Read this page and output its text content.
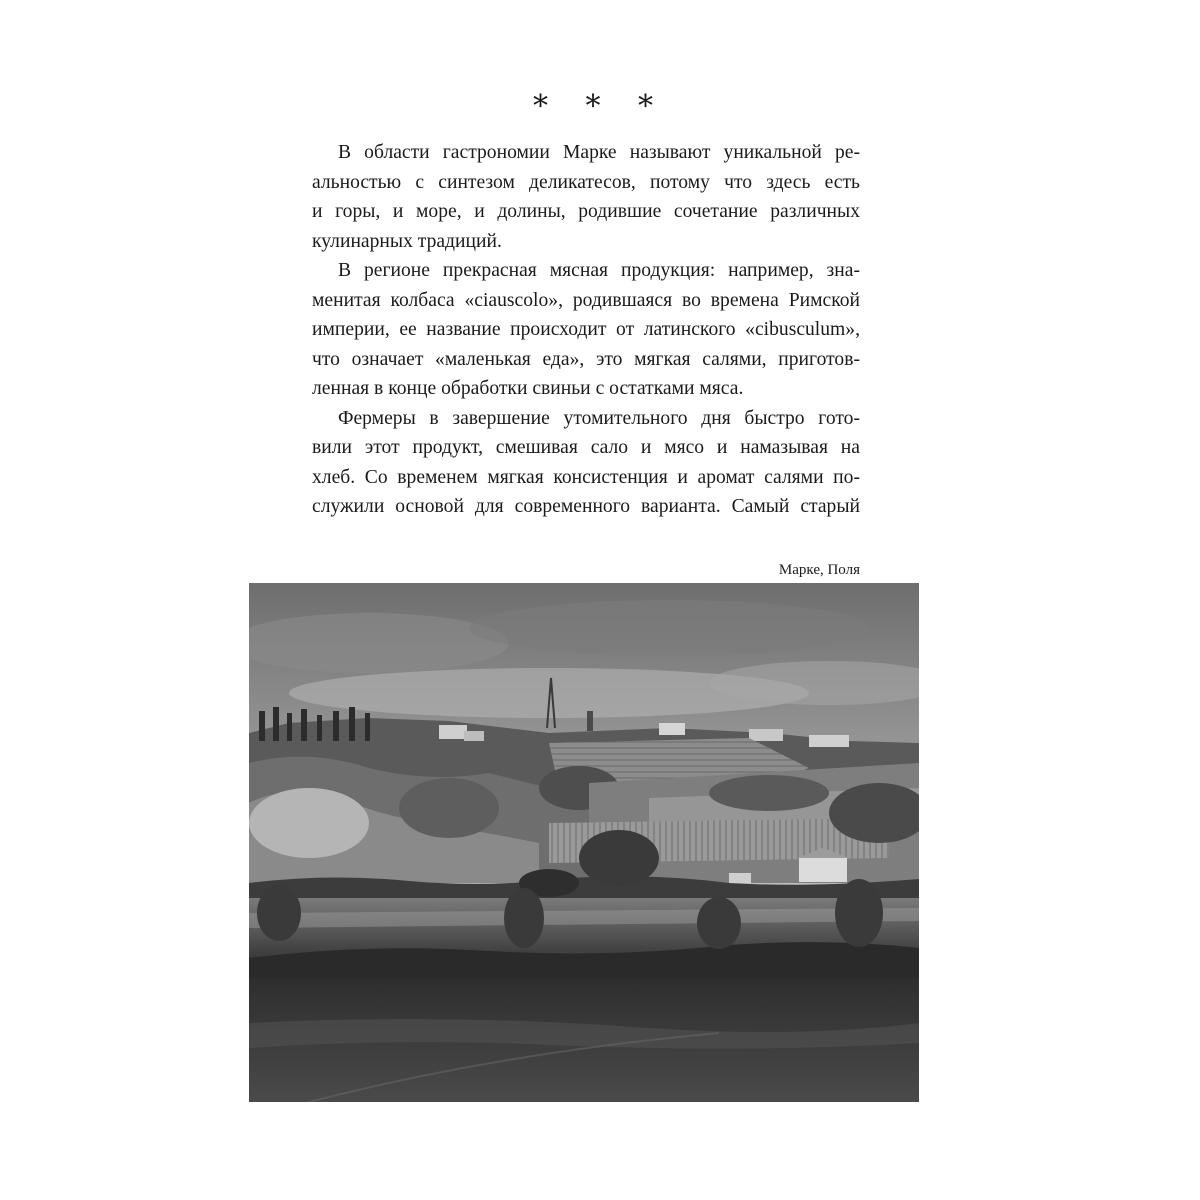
* * *
В области гастрономии Марке называют уникальной ре-
альностью с синтезом деликатесов, потому что здесь есть
и горы, и море, и долины, родившие сочетание различных
кулинарных традиций.
В регионе прекрасная мясная продукция: например, зна-
менитая колбаса «ciauscolo», родившаяся во времена Римской
империи, ее название происходит от латинского «cibusculum»,
что означает «маленькая еда», это мягкая салями, приготов-
ленная в конце обработки свиньи с остатками мяса.
Фермеры в завершение утомительного дня быстро гото-
вили этот продукт, смешивая сало и мясо и намазывая на
хлеб. Со временем мягкая консистенция и аромат салями по-
служили основой для современного варианта. Самый старый
Марке, Поля
